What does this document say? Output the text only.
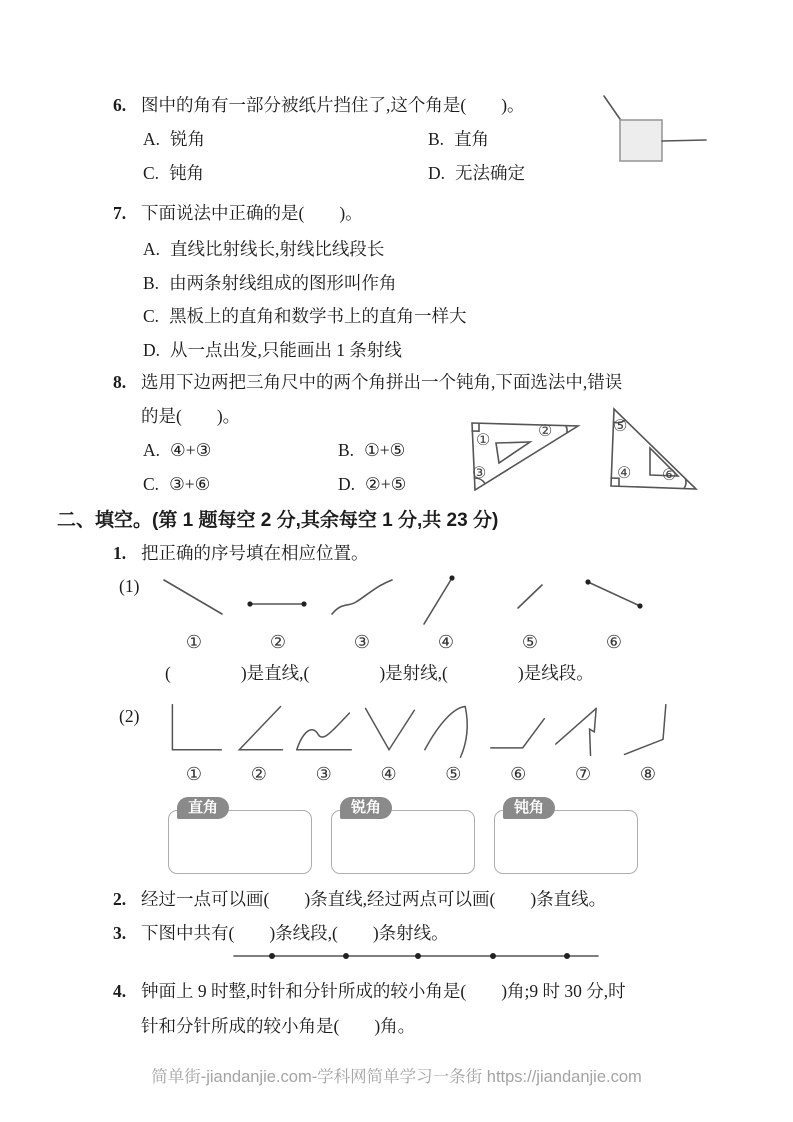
6. 图中的角有一部分被纸片挡住了,这个角是(　　)。
A. 锐角	B. 直角
C. 钝角	D. 无法确定
7. 下面说法中正确的是(　　)。
A. 直线比射线长,射线比线段长
B. 由两条射线组成的图形叫作角
C. 黑板上的直角和数学书上的直角一样大
D. 从一点出发,只能画出 1 条射线
8. 选用下边两把三角尺中的两个角拼出一个钝角,下面选法中,错误
的是(　　)。
A. ④+③	B. ①+⑤
C. ③+⑥	D. ②+⑤
①
②
③
⑤
④ ⑥
二、填空。(第 1 题每空 2 分,其余每空 1 分,共 23 分)
1. 把正确的序号填在相应位置。
(1)
①	②	③	④	⑤	⑥
(　　　　)是直线,(　　　　)是射线,(　　　　)是线段。
(2)
①	②	③	④	⑤	⑥	⑦	⑧
直角	锐角	钝角
2. 经过一点可以画(　　)条直线,经过两点可以画(　　)条直线。
3. 下图中共有(　　)条线段,(　　)条射线。
4. 钟面上 9 时整,时针和分针所成的较小角是(　　)角;9 时 30 分,时
针和分针所成的较小角是(　　)角。
简单街-jiandanjie.com-学科网简单学习一条街 https://jiandanjie.com
